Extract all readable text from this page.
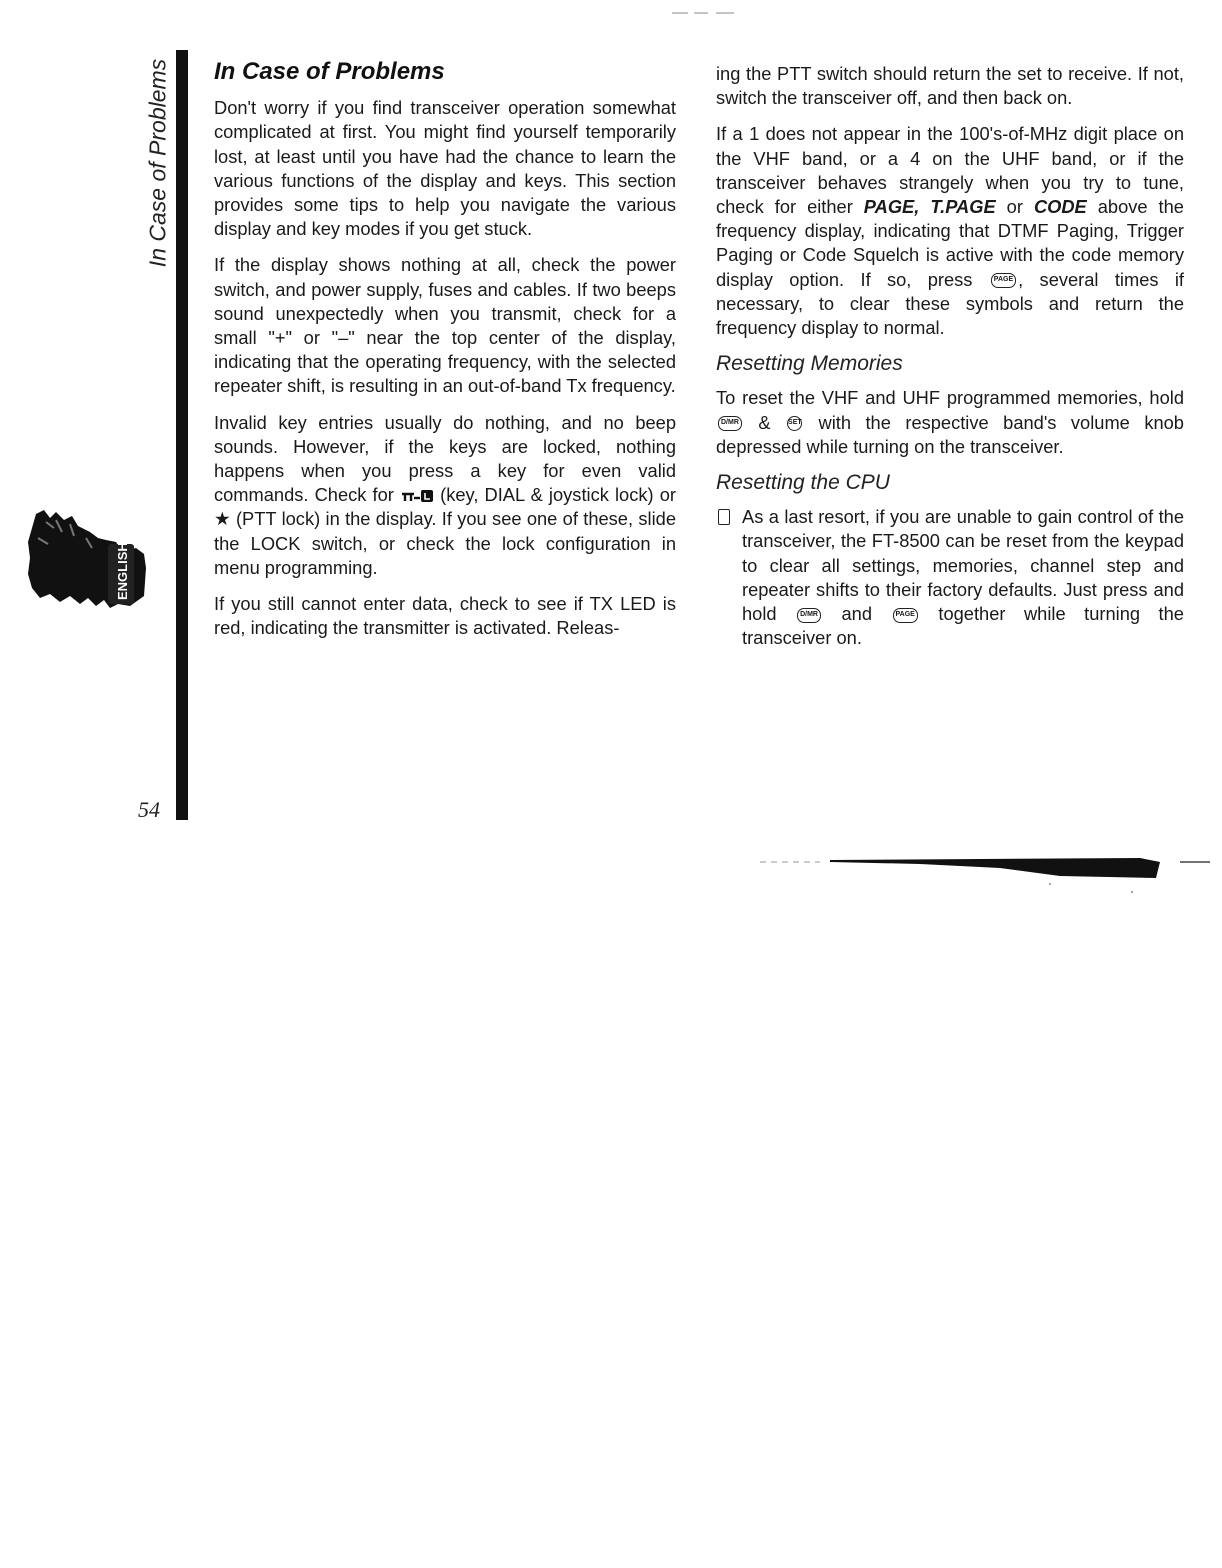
In Case of Problems
54
ENGLISH
In Case of Problems

Don't worry if you find transceiver operation somewhat complicated at first. You might find yourself temporarily lost, at least until you have had the chance to learn the various functions of the display and keys. This section provides some tips to help you navigate the various display and key modes if you get stuck.

If the display shows nothing at all, check the power switch, and power supply, fuses and cables. If two beeps sound unexpectedly when you transmit, check for a small "+" or "–" near the top center of the display, indicating that the operating frequency, with the selected repeater shift, is resulting in an out-of-band Tx frequency.

Invalid key entries usually do nothing, and no beep sounds. However, if the keys are locked, nothing happens when you press a key for even valid commands. Check for	(key, DIAL & joystick lock) or ★ (PTT lock) in the display. If you see one of these, slide the LOCK switch, or check the lock configuration in menu programming.

If you still cannot enter data, check to see if TX LED is red, indicating the transmitter is activated. Releas-

ing the PTT switch should return the set to receive. If not, switch the transceiver off, and then back on.

If a 1 does not appear in the 100's-of-MHz digit place on the VHF band, or a 4 on the UHF band, or if the transceiver behaves strangely when you try to tune, check for either PAGE, T.PAGE or CODE above the frequency display, indicating that DTMF Paging, Trigger Paging or Code Squelch is active with the code memory display option. If so, press	PAGE , several times if necessary, to clear these symbols and return the frequency display to normal.

Resetting Memories

To reset the VHF and UHF programmed memories, hold D/MR & SET with the respective band's volume knob depressed while turning on the transceiver.

Resetting the CPU

As a last resort, if you are unable to gain control of the transceiver, the FT-8500 can be reset from the keypad to clear all settings, memories, channel step and repeater shifts to their factory defaults. Just press and hold	D/MR and	PAGE together while turning the transceiver on.
